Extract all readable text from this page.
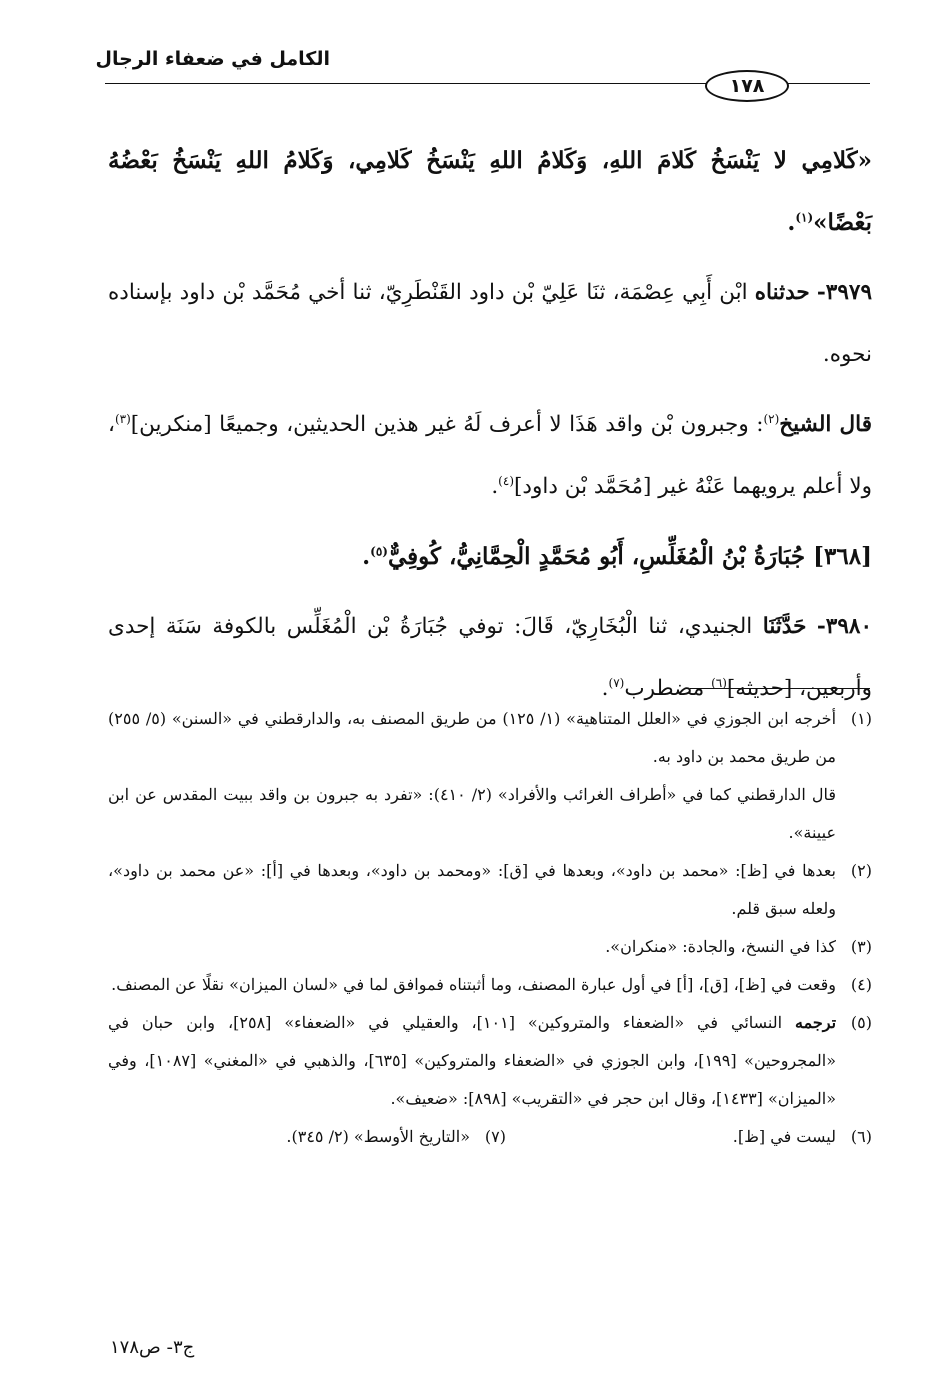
الكامل في ضعفاء الرجال
١٧٨

«كَلامِي لا يَنْسَخُ كَلامَ اللهِ، وَكَلامُ اللهِ يَنْسَخُ كَلامِي، وَكَلامُ اللهِ يَنْسَخُ بَعْضُهُ بَعْضًا»$^{(١)}$.

٣٩٧٩- حدثناه ابْن أَبِي عِصْمَة، ثنَا عَلِيّ بْن داود القَنْطَرِيّ، ثنا أخي مُحَمَّد بْن داود بإسناده نحوه.

قال الشيخ$^{(٢)}$: وجبرون بْن واقد هَذَا لا أعرف لَهُ غير هذين الحديثين، وجميعًا [منكرين]$^{(٣)}$، ولا أعلم يرويهما عَنْهُ غير [مُحَمَّد بْن داود]$^{(٤)}$.

[٣٦٨] جُبَارَةُ بْنُ الْمُغَلِّسِ، أَبُو مُحَمَّدٍ الْحِمَّانِيُّ، كُوفِيٌّ$^{(٥)}$.

٣٩٨٠- حَدَّثَنَا الجنيدي، ثنا الْبُخَارِيّ، قَالَ: توفي جُبَارَةُ بْن الْمُغَلِّس بالكوفة سَنَة إحدى وأربعين، [حديثه]$^{(٦)}$ مضطرب$^{(٧)}$.

(١)

أخرجه ابن الجوزي في «العلل المتناهية» (١/ ١٢٥) من طريق المصنف به، والدارقطني في «السنن» (٥/ ٢٥٥) من طريق محمد بن داود به.

قال الدارقطني كما في «أطراف الغرائب والأفراد» (٢/ ٤١٠): «تفرد به جبرون بن واقد ببيت المقدس عن ابن عيينة».

(٢)

بعدها في [ظ]: «محمد بن داود»، وبعدها في [ق]: «ومحمد بن داود»، وبعدها في [أ]: «عن محمد بن داود»، ولعله سبق قلم.

(٣)

كذا في النسخ، والجادة: «منكران».

(٤)

وقعت في [ظ]، [ق]، [أ] في أول عبارة المصنف، وما أثبتناه فموافق لما في «لسان الميزان» نقلًا عن المصنف.

(٥)

ترجمه النسائي في «الضعفاء والمتروكين» [١٠١]، والعقيلي في «الضعفاء» [٢٥٨]، وابن حبان في «المجروحين» [١٩٩]، وابن الجوزي في «الضعفاء والمتروكين» [٦٣٥]، والذهبي في «المغني» [١٠٨٧]، وفي «الميزان» [١٤٣٣]، وقال ابن حجر في «التقريب» [٨٩٨]: «ضعيف».

(٦)

ليست في [ظ].

(٧)

«التاريخ الأوسط» (٢/ ٣٤٥).

ج٣- ص١٧٨
